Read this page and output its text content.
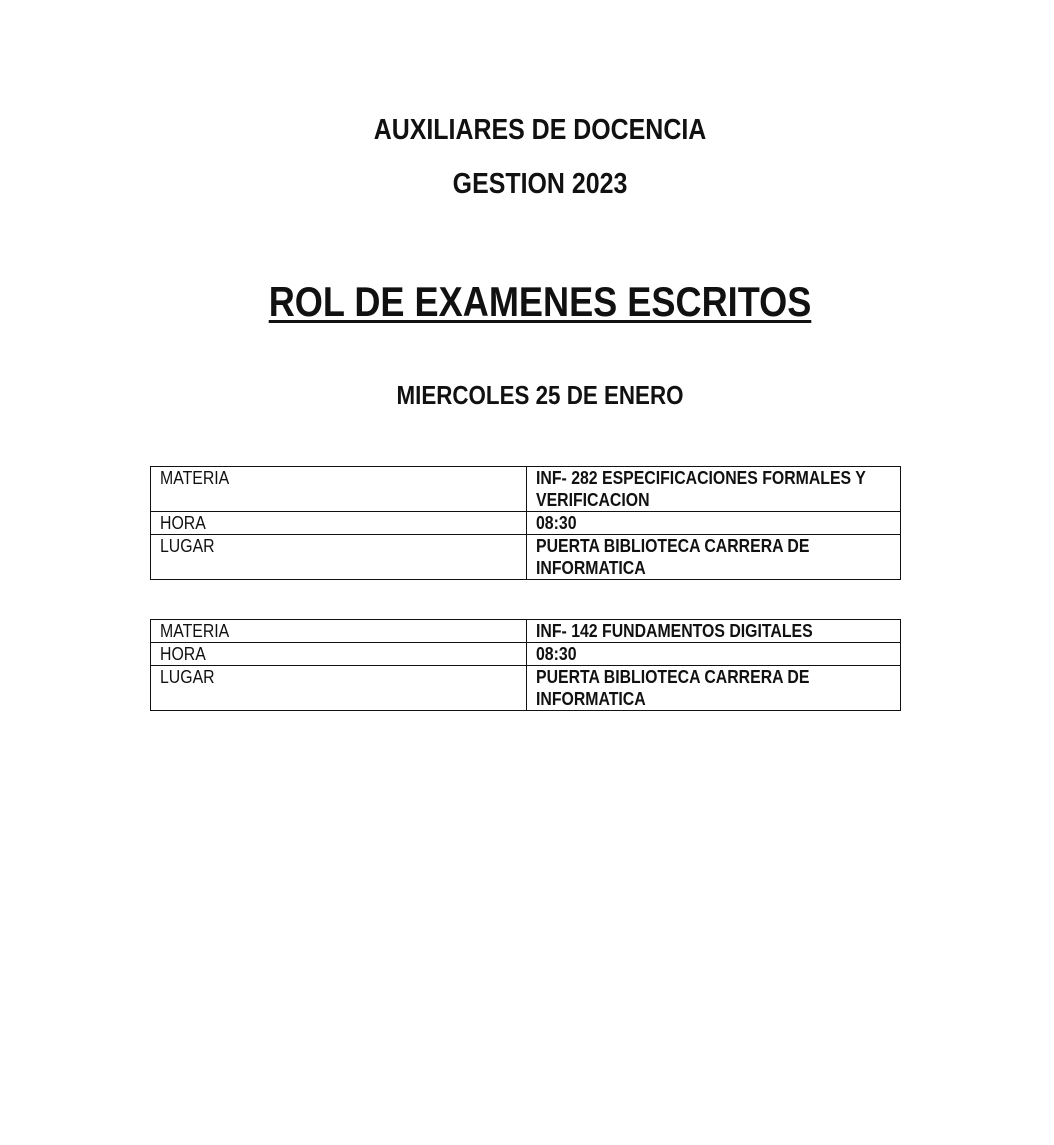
AUXILIARES DE DOCENCIA
GESTION 2023
ROL DE EXAMENES ESCRITOS
MIERCOLES 25 DE ENERO
MATERIA	INF- 282 ESPECIFICACIONES FORMALES Y VERIFICACION
HORA	08:30
LUGAR	PUERTA BIBLIOTECA CARRERA DE INFORMATICA
MATERIA	INF- 142 FUNDAMENTOS DIGITALES
HORA	08:30
LUGAR	PUERTA BIBLIOTECA CARRERA DE INFORMATICA
